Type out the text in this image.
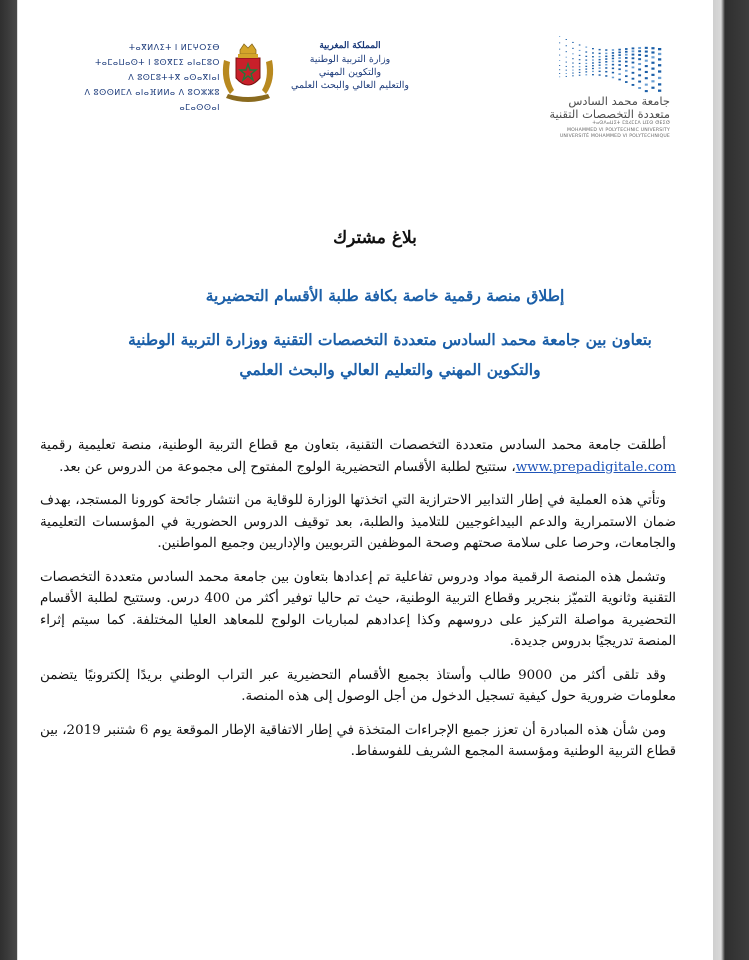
ⵜⴰⴳⵍⴷⵉⵜ ⵏ ⵍⵎⵖⵔⵉⴱ
ⵜⴰⵎⴰⵡⴰⵙⵜ ⵏ ⵓⵙⴳⵎⵉ ⴰⵏⴰⵎⵓⵔ
ⴷ ⵓⵙⵎⵓⵜⵜⴳ ⴰⵙⴰⴳⵏⴰⵏ
ⴷ ⵓⵙⵙⵍⵎⴷ ⴰⵏⴰⴼⵍⵍⴰ ⴷ ⵓⵔⵣⵣⵓ ⴰⵎⴰⵙⵙⴰⵏ
المملكة المغربية
وزارة التربية الوطنية
والتكوين المهني
والتعليم العالي والبحث العلمي
جامعة محمد السادس
متعددة التخصصات التقنية
ⵜⴰⵙⴷⴰⵡⵉⵜ ⵎⵓⵃⵎⵎⴷ ⵡⵉⵙ ⵚⴹⵉⵚ
MOHAMMED VI POLYTECHNIC UNIVERSITY
UNIVERSITÉ MOHAMMED VI POLYTECHNIQUE
بلاغ مشترك
إطلاق منصة رقمية خاصة بكافة طلبة الأقسام التحضيرية
بتعاون بين جامعة محمد السادس متعددة التخصصات التقنية ووزارة التربية الوطنية والتكوين المهني والتعليم العالي والبحث العلمي

أطلقت جامعة محمد السادس متعددة التخصصات التقنية، بتعاون مع قطاع التربية الوطنية، منصة تعليمية رقمية www.prepadigitale.com، ستتيح لطلبة الأقسام التحضيرية الولوج المفتوح إلى مجموعة من الدروس عن بعد.

وتأتي هذه العملية في إطار التدابير الاحترازية التي اتخذتها الوزارة للوقاية من انتشار جائحة كورونا المستجد، بهدف ضمان الاستمرارية والدعم البيداغوجيين للتلاميذ والطلبة، بعد توقيف الدروس الحضورية في المؤسسات التعليمية والجامعات، وحرصا على سلامة صحتهم وصحة الموظفين التربويين والإداريين وجميع المواطنين.

وتشمل هذه المنصة الرقمية مواد ودروس تفاعلية تم إعدادها بتعاون بين جامعة محمد السادس متعددة التخصصات التقنية وثانوية التميّز بنجرير وقطاع التربية الوطنية، حيث تم حاليا توفير أكثر من 400 درس. وستتيح لطلبة الأقسام التحضيرية مواصلة التركيز على دروسهم وكذا إعدادهم لمباريات الولوج للمعاهد العليا المختلفة. كما سيتم إثراء المنصة تدريجيًا بدروس جديدة.

وقد تلقى أكثر من 9000 طالب وأستاذ بجميع الأقسام التحضيرية عبر التراب الوطني بريدًا إلكترونيًا يتضمن معلومات ضرورية حول كيفية تسجيل الدخول من أجل الوصول إلى هذه المنصة.

ومن شأن هذه المبادرة أن تعزز جميع الإجراءات المتخذة في إطار الاتفاقية الإطار الموقعة يوم 6 شتنبر 2019، بين قطاع التربية الوطنية ومؤسسة المجمع الشريف للفوسفاط.
